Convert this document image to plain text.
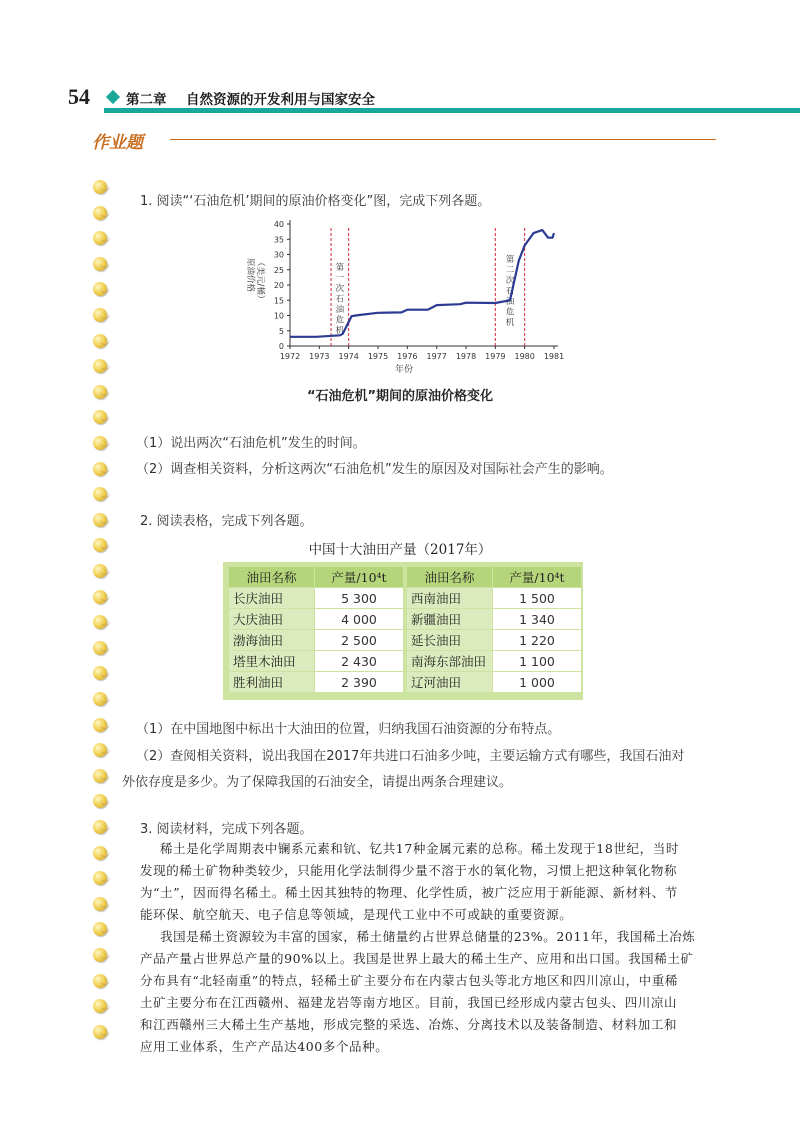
54	第二章 自然资源的开发利用与国家安全
作业题
1. 阅读“‘石油危机’期间的原油价格变化”图，完成下列各题。
原油价格 （美元/桶）	第
一
次
石
油
危
机
第
二
次
石
油
危
机
0
5
10
15
20
25
30
35
40
1972 1973 1974 1975 1976 1977 1978 1979 1980 1981
年份
“石油危机”期间的原油价格变化
（1）说出两次“石油危机”发生的时间。
（2）调查相关资料，分析这两次“石油危机”发生的原因及对国际社会产生的影响。
2. 阅读表格，完成下列各题。
中国十大油田产量（2017年）
油田名称	产量/10⁴t		油田名称	产量/10⁴t
长庆油田	5 300		西南油田	1 500
大庆油田	4 000		新疆油田	1 340
渤海油田	2 500		延长油田	1 220
塔里木油田	2 430		南海东部油田	1 100
胜利油田	2 390		辽河油田	1 000
（1）在中国地图中标出十大油田的位置，归纳我国石油资源的分布特点。
（2）查阅相关资料，说出我国在2017年共进口石油多少吨，主要运输方式有哪些，我国石油对
外依存度是多少。为了保障我国的石油安全，请提出两条合理建议。
3. 阅读材料，完成下列各题。
稀土是化学周期表中镧系元素和钪、钇共17种金属元素的总称。稀土发现于18世纪，当时
发现的稀土矿物种类较少，只能用化学法制得少量不溶于水的氧化物，习惯上把这种氧化物称
为“土”，因而得名稀土。稀土因其独特的物理、化学性质，被广泛应用于新能源、新材料、节
能环保、航空航天、电子信息等领域，是现代工业中不可或缺的重要资源。
我国是稀土资源较为丰富的国家，稀土储量约占世界总储量的23%。2011年，我国稀土冶炼
产品产量占世界总产量的90%以上。我国是世界上最大的稀土生产、应用和出口国。我国稀土矿
分布具有“北轻南重”的特点，轻稀土矿主要分布在内蒙古包头等北方地区和四川凉山，中重稀
土矿主要分布在江西赣州、福建龙岩等南方地区。目前，我国已经形成内蒙古包头、四川凉山
和江西赣州三大稀土生产基地，形成完整的采选、冶炼、分离技术以及装备制造、材料加工和
应用工业体系，生产产品达400多个品种。
